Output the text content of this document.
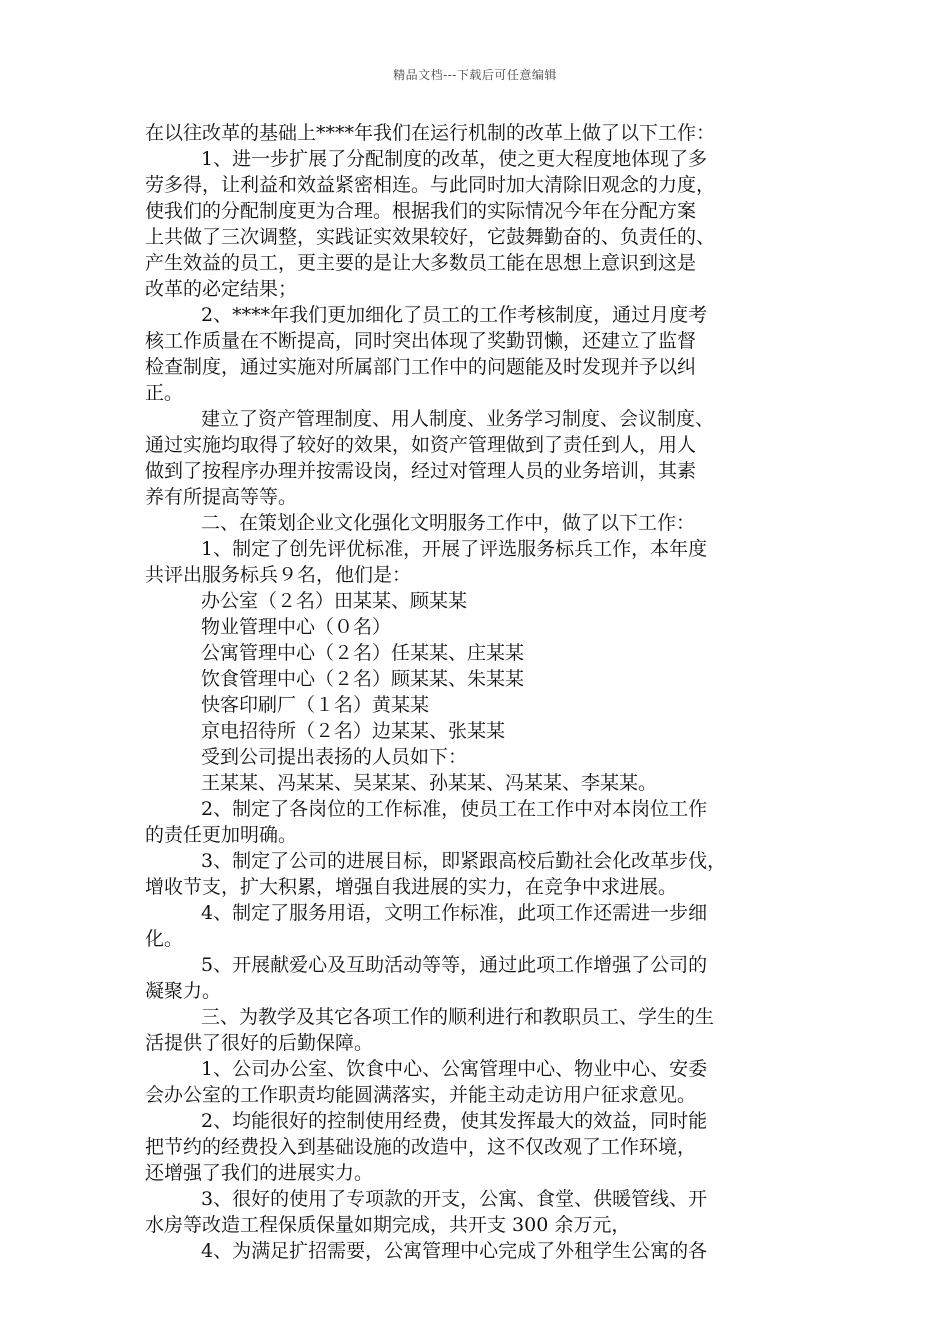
精品文档---下载后可任意编辑
在以往改革的基础上****年我们在运行机制的改革上做了以下工作：
1、进一步扩展了分配制度的改革，使之更大程度地体现了多
劳多得，让利益和效益紧密相连。与此同时加大清除旧观念的力度，
使我们的分配制度更为合理。根据我们的实际情况今年在分配方案
上共做了三次调整，实践证实效果较好，它鼓舞勤奋的、负责任的、
产生效益的员工，更主要的是让大多数员工能在思想上意识到这是
改革的必定结果；
2、****年我们更加细化了员工的工作考核制度，通过月度考
核工作质量在不断提高，同时突出体现了奖勤罚懒，还建立了监督
检查制度，通过实施对所属部门工作中的问题能及时发现并予以纠
正。
建立了资产管理制度、用人制度、业务学习制度、会议制度、
通过实施均取得了较好的效果，如资产管理做到了责任到人，用人
做到了按程序办理并按需设岗，经过对管理人员的业务培训，其素
养有所提高等等。
二、在策划企业文化强化文明服务工作中，做了以下工作：
1、制定了创先评优标准，开展了评选服务标兵工作，本年度
共评出服务标兵９名，他们是：
办公室（２名）田某某、顾某某
物业管理中心（０名）
公寓管理中心（２名）任某某、庄某某
饮食管理中心（２名）顾某某、朱某某
快客印刷厂（１名）黄某某
京电招待所（２名）边某某、张某某
受到公司提出表扬的人员如下：
王某某、冯某某、吴某某、孙某某、冯某某、李某某。
2、制定了各岗位的工作标准，使员工在工作中对本岗位工作
的责任更加明确。
3、制定了公司的进展目标，即紧跟高校后勤社会化改革步伐，
增收节支，扩大积累，增强自我进展的实力，在竞争中求进展。
4、制定了服务用语，文明工作标准，此项工作还需进一步细
化。
5、开展献爱心及互助活动等等，通过此项工作增强了公司的
凝聚力。
三、为教学及其它各项工作的顺利进行和教职员工、学生的生
活提供了很好的后勤保障。
1、公司办公室、饮食中心、公寓管理中心、物业中心、安委
会办公室的工作职责均能圆满落实，并能主动走访用户征求意见。
2、均能很好的控制使用经费，使其发挥最大的效益，同时能
把节约的经费投入到基础设施的改造中，这不仅改观了工作环境，
还增强了我们的进展实力。
3、很好的使用了专项款的开支，公寓、食堂、供暖管线、开
水房等改造工程保质保量如期完成，共开支 300 余万元，
4、为满足扩招需要，公寓管理中心完成了外租学生公寓的各
